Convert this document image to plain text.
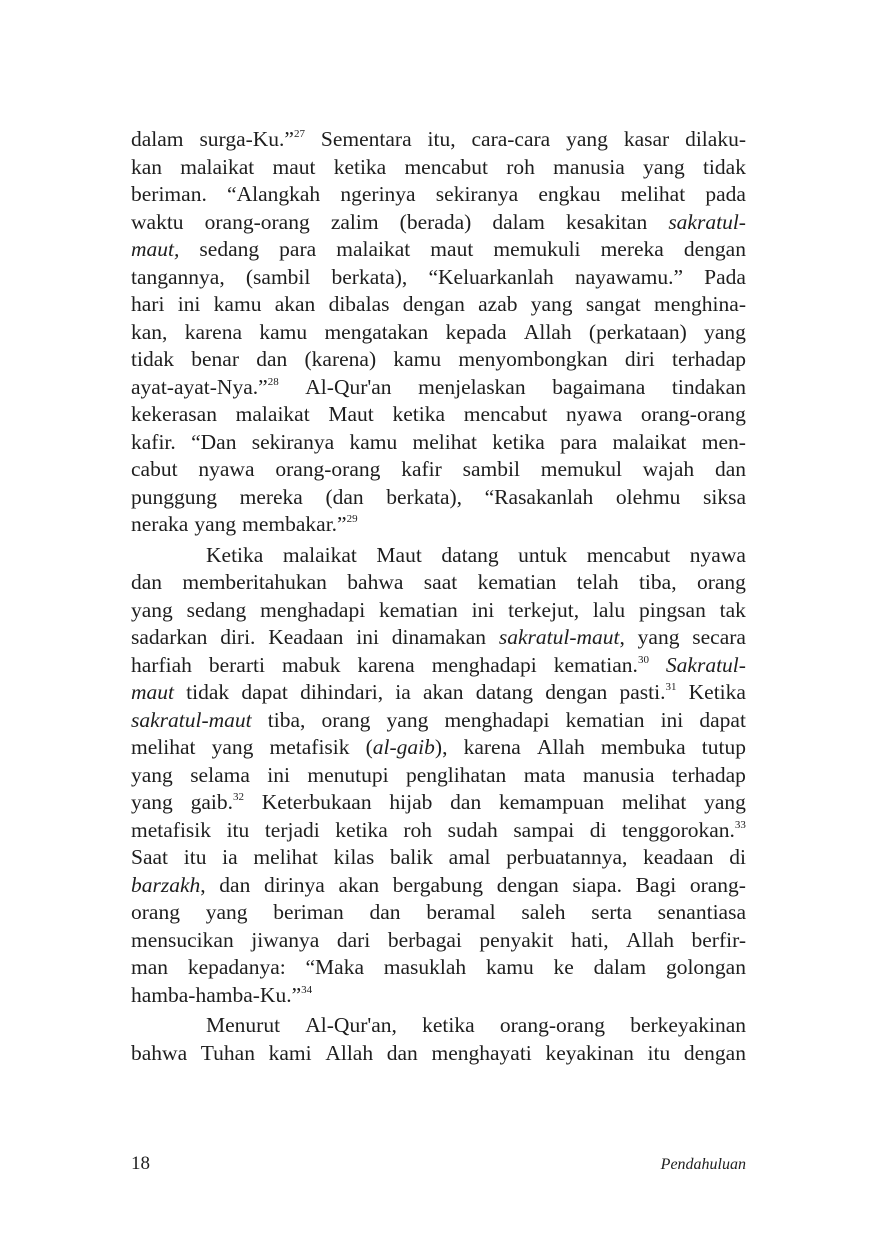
dalam surga-Ku.”$^{27}$ Sementara itu, cara-cara yang kasar dilaku-
kan malaikat maut ketika mencabut roh manusia yang tidak
beriman. “Alangkah ngerinya sekiranya engkau melihat pada
waktu orang-orang zalim (berada) dalam kesakitan sakratul-
maut, sedang para malaikat maut memukuli mereka dengan
tangannya, (sambil berkata), “Keluarkanlah nayawamu.” Pada
hari ini kamu akan dibalas dengan azab yang sangat menghina-
kan, karena kamu mengatakan kepada Allah (perkataan) yang
tidak benar dan (karena) kamu menyombongkan diri terhadap
ayat-ayat-Nya.”$^{28}$ Al-Qur'an menjelaskan bagaimana tindakan
kekerasan malaikat Maut ketika mencabut nyawa orang-orang
kafir. “Dan sekiranya kamu melihat ketika para malaikat men-
cabut nyawa orang-orang kafir sambil memukul wajah dan
punggung mereka (dan berkata), “Rasakanlah olehmu siksa
neraka yang membakar.”$^{29}$
Ketika malaikat Maut datang untuk mencabut nyawa
dan memberitahukan bahwa saat kematian telah tiba, orang
yang sedang menghadapi kematian ini terkejut, lalu pingsan tak
sadarkan diri. Keadaan ini dinamakan sakratul-maut, yang secara
harfiah berarti mabuk karena menghadapi kematian.$^{30}$ Sakratul-
maut tidak dapat dihindari, ia akan datang dengan pasti.$^{31}$ Ketika
sakratul-maut tiba, orang yang menghadapi kematian ini dapat
melihat yang metafisik (al-gaib), karena Allah membuka tutup
yang selama ini menutupi penglihatan mata manusia terhadap
yang gaib.$^{32}$ Keterbukaan hijab dan kemampuan melihat yang
metafisik itu terjadi ketika roh sudah sampai di tenggorokan.$^{33}$
Saat itu ia melihat kilas balik amal perbuatannya, keadaan di
barzakh, dan dirinya akan bergabung dengan siapa. Bagi orang-
orang yang beriman dan beramal saleh serta senantiasa
mensucikan jiwanya dari berbagai penyakit hati, Allah berfir-
man kepadanya: “Maka masuklah kamu ke dalam golongan
hamba-hamba-Ku.”$^{34}$
Menurut Al-Qur'an, ketika orang-orang berkeyakinan
bahwa Tuhan kami Allah dan menghayati keyakinan itu dengan
18	Pendahuluan
